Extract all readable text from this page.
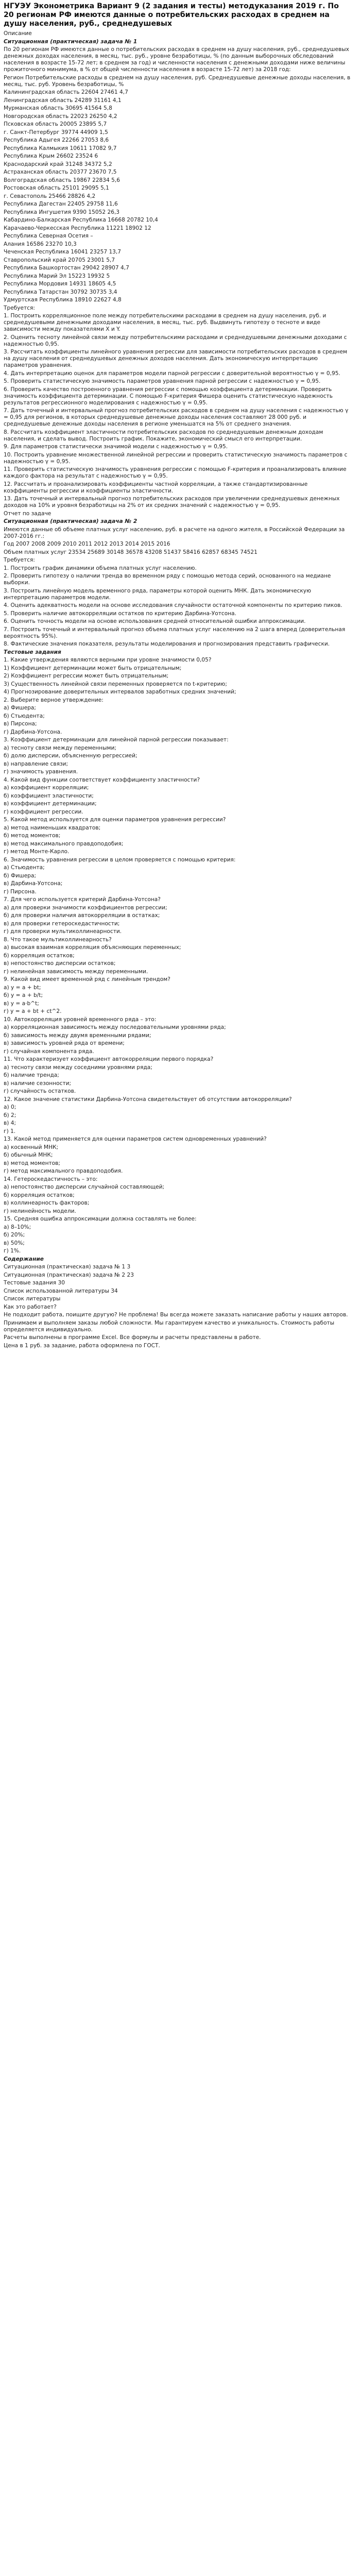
НГУЭУ Эконометрика Вариант 9 (2 задания и тесты) методуказания 2019 г. По 20 регионам РФ имеются данные о потребительских расходах в среднем на душу населения, руб., среднедушевых
Описание
Ситуационная (практическая) задача № 1
По 20 регионам РФ имеются данные о потребительских расходах в среднем на душу населения, руб., среднедушевых денежных доходах населения, в месяц, тыс. руб., уровне безработицы, % (по данным выборочных обследований населения в возрасте 15-72 лет; в среднем за год) и численности населения с денежными доходами ниже величины прожиточного минимума, в % от общей численности населения в возрасте 15-72 лет) за 2018 год:
Регион Потребительские расходы в среднем на душу населения, руб. Среднедушевые денежные доходы населения, в месяц, тыс. руб. Уровень безработицы, %
Калининградская область 22604 27461 4,7
Ленинградская область 24289 31161 4,1
Мурманская область 30695 41564 5,8
Новгородская область 22023 26250 4,2
Псковская область 20005 23895 5,7
г. Санкт-Петербург 39774 44909 1,5
Республика Адыгея 22266 27053 8,6
Республика Калмыкия 10611 17082 9,7
Республика Крым 26602 23524 6
Краснодарский край 31248 34372 5,2
Астраханская область 20377 23670 7,5
Волгоградская область 19867 22834 5,6
Ростовская область 25101 29095 5,1
г. Севастополь 25466 28826 4,2
Республика Дагестан 22405 29758 11,6
Республика Ингушетия 9390 15052 26,3
Кабардино-Балкарская Республика 16668 20782 10,4
Карачаево-Черкесская Республика 11221 18902 12
Республика Северная Осетия –
Алания 16586 23270 10,3
Чеченская Республика 16041 23257 13,7
Ставропольский край 20705 23001 5,7
Республика Башкортостан 29042 28907 4,7
Республика Марий Эл 15223 19932 5
Республика Мордовия 14931 18605 4,5
Республика Татарстан 30792 30735 3,4
Удмуртская Республика 18910 22627 4,8
Требуется:
1. Построить корреляционное поле между потребительскими расходами в среднем на душу населения, руб. и среднедушевыми денежными доходами населения, в месяц, тыс. руб. Выдвинуть гипотезу о тесноте и виде зависимости между показателями X и Y.
2. Оценить тесноту линейной связи между потребительскими расходами и среднедушевыми денежными доходами с надежностью 0,95.
3. Рассчитать коэффициенты линейного уравнения регрессии для зависимости потребительских расходов в среднем на душу населения от среднедушевых денежных доходов населения. Дать экономическую интерпретацию параметров уравнения.
4. Дать интерпретацию оценок для параметров модели парной регрессии с доверительной вероятностью γ = 0,95.
5. Проверить статистическую значимость параметров уравнения парной регрессии с надежностью γ = 0,95.
6. Проверить качество построенного уравнения регрессии с помощью коэффициента детерминации. Проверить значимость коэффициента детерминации. С помощью F-критерия Фишера оценить статистическую надежность результатов регрессионного моделирования с надежностью γ = 0,95.
7. Дать точечный и интервальный прогноз потребительских расходов в среднем на душу населения с надежностью γ = 0,95 для регионов, в которых среднедушевые денежные доходы населения составляют 28 000 руб. и среднедушевые денежные доходы населения в регионе уменьшатся на 5% от среднего значения.
8. Рассчитать коэффициент эластичности потребительских расходов по среднедушевым денежным доходам населения, и сделать вывод. Построить график. Покажите, экономический смысл его интерпретации.
9. Для параметров статистически значимой модели с надежностью γ = 0,95.
10. Построить уравнение множественной линейной регрессии и проверить статистическую значимость параметров с надежностью γ = 0,95.
11. Проверить статистическую значимость уравнения регрессии с помощью F-критерия и проанализировать влияние каждого фактора на результат с надежностью γ = 0,95.
12. Рассчитать и проанализировать коэффициенты частной корреляции, а также стандартизированные коэффициенты регрессии и коэффициенты эластичности.
13. Дать точечный и интервальный прогноз потребительских расходов при увеличении среднедушевых денежных доходов на 10% и уровня безработицы на 2% от их средних значений с надежностью γ = 0,95.
Отчет по задаче
Ситуационная (практическая) задача № 2
Имеются данные об объеме платных услуг населению, руб. в расчете на одного жителя, в Российской Федерации за 2007-2016 гг.:
Год 2007 2008 2009 2010 2011 2012 2013 2014 2015 2016
Объем платных услуг 23534 25689 30148 36578 43208 51437 58416 62857 68345 74521
Требуется:
1. Построить график динамики объема платных услуг населению.
2. Проверить гипотезу о наличии тренда во временном ряду с помощью метода серий, основанного на медиане выборки.
3. Построить линейную модель временного ряда, параметры которой оценить МНК. Дать экономическую интерпретацию параметров модели.
4. Оценить адекватность модели на основе исследования случайности остаточной компоненты по критерию пиков.
5. Проверить наличие автокорреляции остатков по критерию Дарбина-Уотсона.
6. Оценить точность модели на основе использования средней относительной ошибки аппроксимации.
7. Построить точечный и интервальный прогноз объема платных услуг населению на 2 шага вперед (доверительная вероятность 95%).
8. Фактические значения показателя, результаты моделирования и прогнозирования представить графически.
Тестовые задания
1. Какие утверждения являются верными при уровне значимости 0,05?
1) Коэффициент детерминации может быть отрицательным;
2) Коэффициент регрессии может быть отрицательным;
3) Существенность линейной связи переменных проверяется по t-критерию;
4) Прогнозирование доверительных интервалов заработных средних значений;
2. Выберите верное утверждение:
а) Фишера;
б) Стьюдента;
в) Пирсона;
г) Дарбина-Уотсона.
3. Коэффициент детерминации для линейной парной регрессии показывает:
а) тесноту связи между переменными;
б) долю дисперсии, объясненную регрессией;
в) направление связи;
г) значимость уравнения.
4. Какой вид функции соответствует коэффициенту эластичности?
а) коэффициент корреляции;
б) коэффициент эластичности;
в) коэффициент детерминации;
г) коэффициент регрессии.
5. Какой метод используется для оценки параметров уравнения регрессии?
а) метод наименьших квадратов;
б) метод моментов;
в) метод максимального правдоподобия;
г) метод Монте-Карло.
6. Значимость уравнения регрессии в целом проверяется с помощью критерия:
а) Стьюдента;
б) Фишера;
в) Дарбина-Уотсона;
г) Пирсона.
7. Для чего используется критерий Дарбина-Уотсона?
а) для проверки значимости коэффициентов регрессии;
б) для проверки наличия автокорреляции в остатках;
в) для проверки гетероскедастичности;
г) для проверки мультиколлинеарности.
8. Что такое мультиколлинеарность?
а) высокая взаимная корреляция объясняющих переменных;
б) корреляция остатков;
в) непостоянство дисперсии остатков;
г) нелинейная зависимость между переменными.
9. Какой вид имеет временной ряд с линейным трендом?
а) y = a + bt;
б) y = a + b/t;
в) y = a·b^t;
г) y = a + bt + ct^2.
10. Автокорреляция уровней временного ряда – это:
а) корреляционная зависимость между последовательными уровнями ряда;
б) зависимость между двумя временными рядами;
в) зависимость уровней ряда от времени;
г) случайная компонента ряда.
11. Что характеризует коэффициент автокорреляции первого порядка?
а) тесноту связи между соседними уровнями ряда;
б) наличие тренда;
в) наличие сезонности;
г) случайность остатков.
12. Какое значение статистики Дарбина-Уотсона свидетельствует об отсутствии автокорреляции?
а) 0;
б) 2;
в) 4;
г) 1.
13. Какой метод применяется для оценки параметров систем одновременных уравнений?
а) косвенный МНК;
б) обычный МНК;
в) метод моментов;
г) метод максимального правдоподобия.
14. Гетероскедастичность – это:
а) непостоянство дисперсии случайной составляющей;
б) корреляция остатков;
в) коллинеарность факторов;
г) нелинейность модели.
15. Средняя ошибка аппроксимации должна составлять не более:
а) 8–10%;
б) 20%;
в) 50%;
г) 1%.
Содержание
Ситуационная (практическая) задача № 1 3
Ситуационная (практическая) задача № 2 23
Тестовые задания 30
Список использованной литературы 34
Список литературы
Как это работает?
Не подходит работа, поищите другую? Не проблема! Вы всегда можете заказать написание работы у наших авторов.
Принимаем и выполняем заказы любой сложности. Мы гарантируем качество и уникальность. Стоимость работы определяется индивидуально.
Расчеты выполнены в программе Excel. Все формулы и расчеты представлены в работе.
Цена в 1 руб. за задание, работа оформлена по ГОСТ.
